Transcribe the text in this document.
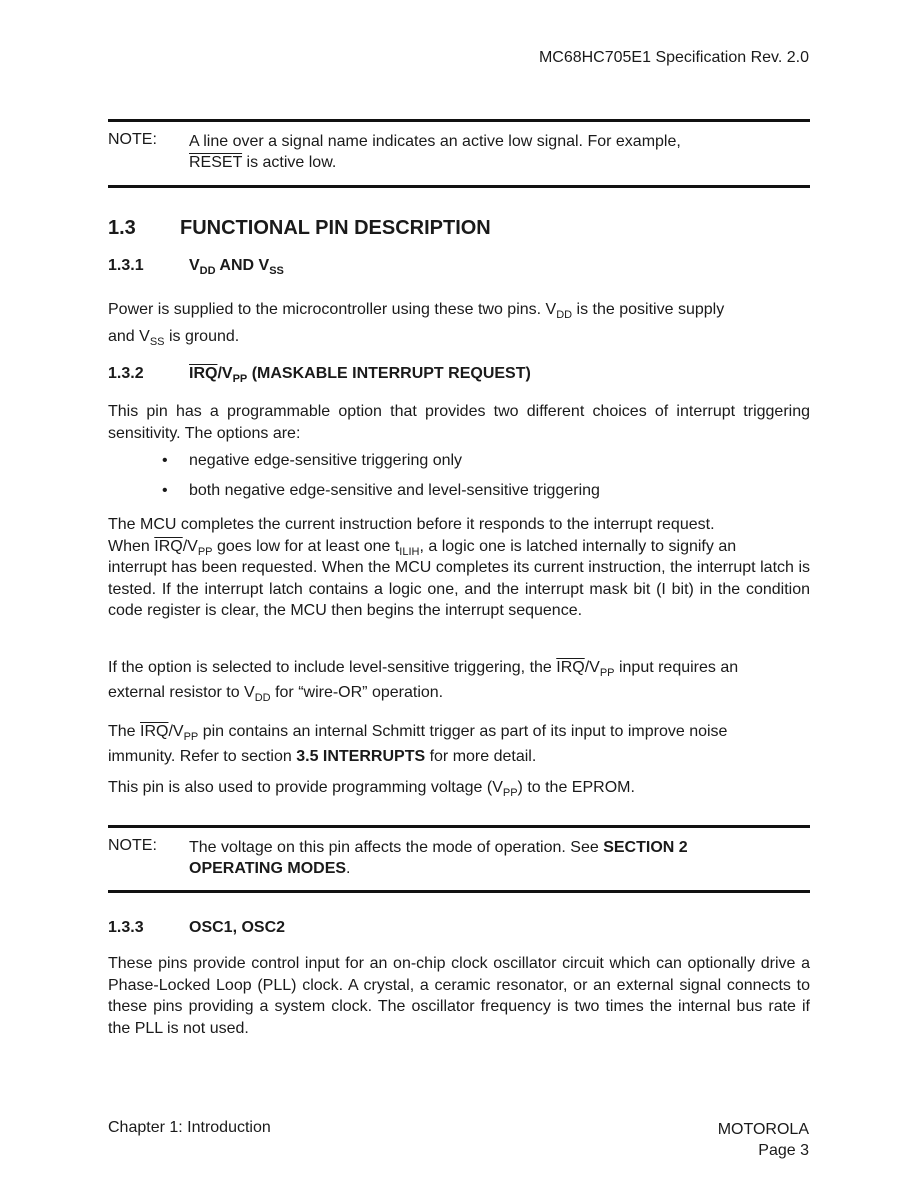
MC68HC705E1 Specification Rev. 2.0
NOTE: A line over a signal name indicates an active low signal. For example,
RESET is active low.
1.3 FUNCTIONAL PIN DESCRIPTION
1.3.1	$V_{DD}$ AND $V_{SS}$
Power is supplied to the microcontroller using these two pins. $V_{DD}$ is the positive supply
and $V_{SS}$ is ground.
1.3.2	$\overline{IRQ}/V_{PP}$ (MASKABLE INTERRUPT REQUEST)
This pin has a programmable option that provides two different choices of interrupt triggering sensitivity. The options are:
• negative edge-sensitive triggering only
• both negative edge-sensitive and level-sensitive triggering
The MCU completes the current instruction before it responds to the interrupt request.
When $\overline{IRQ}/V_{PP}$ goes low for at least one $t_{ILIH}$, a logic one is latched internally to signify an
interrupt has been requested. When the MCU completes its current instruction, the interrupt latch is tested. If the interrupt latch contains a logic one, and the interrupt mask bit (I bit) in the condition code register is clear, the MCU then begins the interrupt sequence.
If the option is selected to include level-sensitive triggering, the $\overline{IRQ}/V_{PP}$ input requires an
external resistor to $V_{DD}$ for “wire-OR” operation.
The $\overline{IRQ}/V_{PP}$ pin contains an internal Schmitt trigger as part of its input to improve noise
immunity. Refer to section 3.5 INTERRUPTS for more detail.
This pin is also used to provide programming voltage $(V_{PP})$ to the EPROM.
NOTE: The voltage on this pin affects the mode of operation. See SECTION 2
OPERATING MODES.
1.3.3	OSC1, OSC2
These pins provide control input for an on-chip clock oscillator circuit which can optionally drive a Phase-Locked Loop (PLL) clock. A crystal, a ceramic resonator, or an external signal connects to these pins providing a system clock. The oscillator frequency is two times the internal bus rate if the PLL is not used.
Chapter 1: Introduction	MOTOROLA
Page 3
